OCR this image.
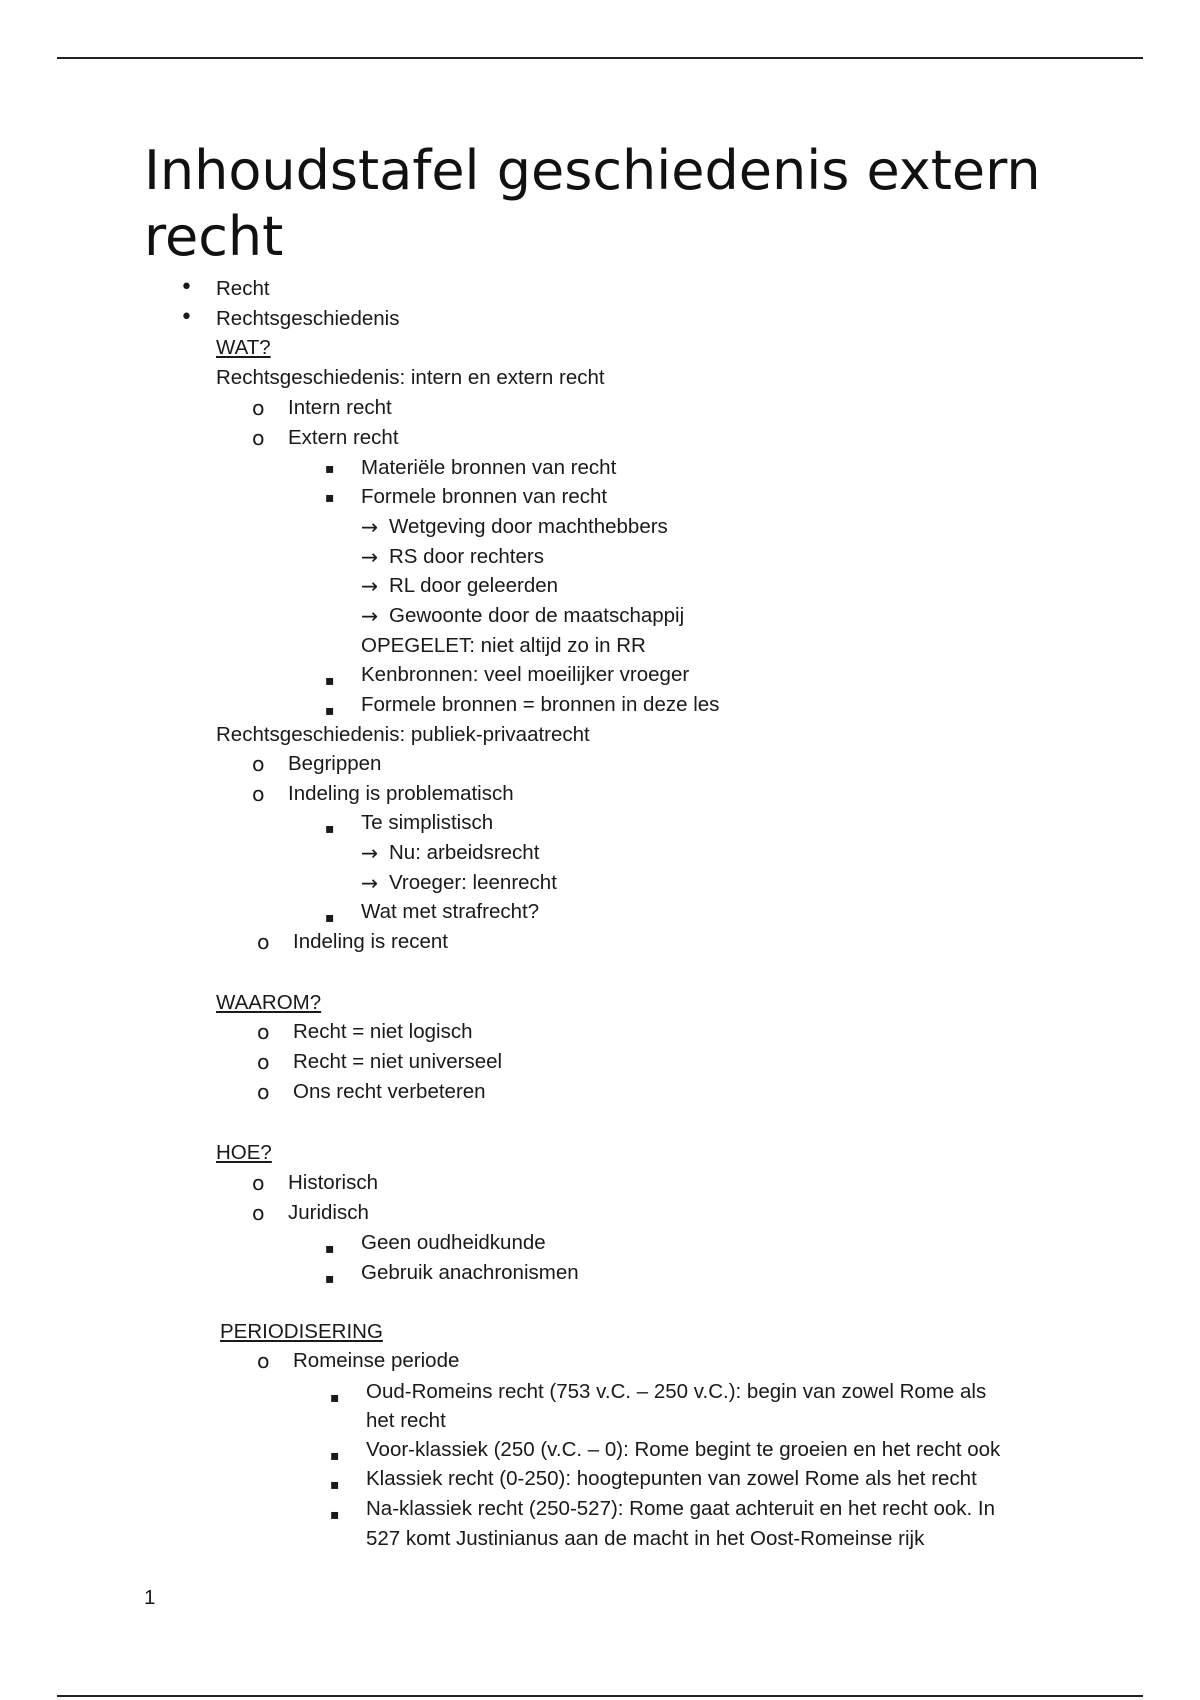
Inhoudstafel geschiedenis extern recht
• Recht
• Rechtsgeschiedenis
WAT?
Rechtsgeschiedenis: intern en extern recht
o Intern recht
o Extern recht
▪ Materiële bronnen van recht
▪ Formele bronnen van recht
→ Wetgeving door machthebbers
→ RS door rechters
→ RL door geleerden
→ Gewoonte door de maatschappij
OPEGELET: niet altijd zo in RR
▪ Kenbronnen: veel moeilijker vroeger
▪ Formele bronnen = bronnen in deze les
Rechtsgeschiedenis: publiek-privaatrecht
o Begrippen
o Indeling is problematisch
▪ Te simplistisch
→ Nu: arbeidsrecht
→ Vroeger: leenrecht
▪ Wat met strafrecht?
o Indeling is recent
WAAROM?
o Recht = niet logisch
o Recht = niet universeel
o Ons recht verbeteren
HOE?
o Historisch
o Juridisch
▪ Geen oudheidkunde
▪ Gebruik anachronismen
PERIODISERING
o Romeinse periode
▪ Oud-Romeins recht (753 v.C. – 250 v.C.): begin van zowel Rome als
het recht
▪ Voor-klassiek (250 (v.C. – 0): Rome begint te groeien en het recht ook
▪ Klassiek recht (0-250): hoogtepunten van zowel Rome als het recht
▪ Na-klassiek recht (250-527): Rome gaat achteruit en het recht ook. In
527 komt Justinianus aan de macht in het Oost-Romeinse rijk
1
